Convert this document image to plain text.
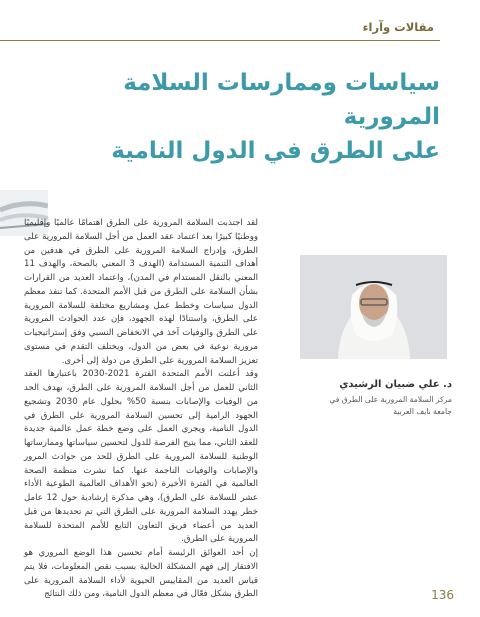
مقالات وآراء
سياسات وممارسات السلامة المرورية
على الطرق في الدول النامية

لقد اجتذبت السلامة المرورية على الطرق اهتمامًا عالميًا وإقليميًا ووطنيًا كبيرًا بعد اعتماد عقد العمل من أجل السلامة المرورية على الطرق، وإدراج السلامة المرورية على الطرق في هدفين من أهداف التنمية المستدامة (الهدف 3 المعني بالصحة، والهدف 11 المعني بالنقل المستدام في المدن)، واعتماد العديد من القرارات بشأن السلامة على الطرق من قبل الأمم المتحدة. كما تنفذ معظم الدول سياسات وخطط عمل ومشاريع مختلفة للسلامة المرورية على الطرق، واستنادًا لهذه الجهود، فإن عدد الحوادث المرورية على الطرق والوفيات آخذ في الانخفاض النسبي وفق إستراتيجيات مرورية نوعية في بعض من الدول، ويختلف التقدم في مستوى تعزيز السلامة المرورية على الطرق من دولة إلى أخرى.

وقد أعلنت الأمم المتحدة الفترة 2021-2030 باعتبارها العقد الثاني للعمل من أجل السلامة المرورية على الطرق، بهدف الحد من الوفيات والإصابات بنسبة 50% بحلول عام 2030 وتشجيع الجهود الرامية إلى تحسين السلامة المرورية على الطرق في الدول النامية، ويجري العمل على وضع خطة عمل عالمية جديدة للعقد الثاني، مما يتيح الفرصة للدول لتحسين سياساتها وممارساتها الوطنية للسلامة المرورية على الطرق للحد من حوادث المرور والإصابات والوفيات الناجمة عنها. كما نشرت منظمة الصحة العالمية في الفترة الأخيرة (نحو الأهداف العالمية الطوعية الأداء عشر للسلامة على الطرق)، وهي مذكرة إرشادية حول 12 عامل خطر يهدد السلامة المرورية على الطرق التي تم تحديدها من قبل العديد من أعضاء فريق التعاون التابع للأمم المتحدة للسلامة المرورية على الطرق.

إن أحد العوائق الرئيسة أمام تحسين هذا الوضع المروري هو الافتقار إلى فهم المشكلة الحالية بسبب نقص المعلومات، فلا يتم قياس العديد من المقاييس الحيوية لأداء السلامة المرورية على الطرق بشكل فعّال في معظم الدول النامية، ومن ذلك النتائج

د. علي ضبيان الرشيدي
مركز السلامة المرورية على الطرق في
جامعة نايف العربية
136
